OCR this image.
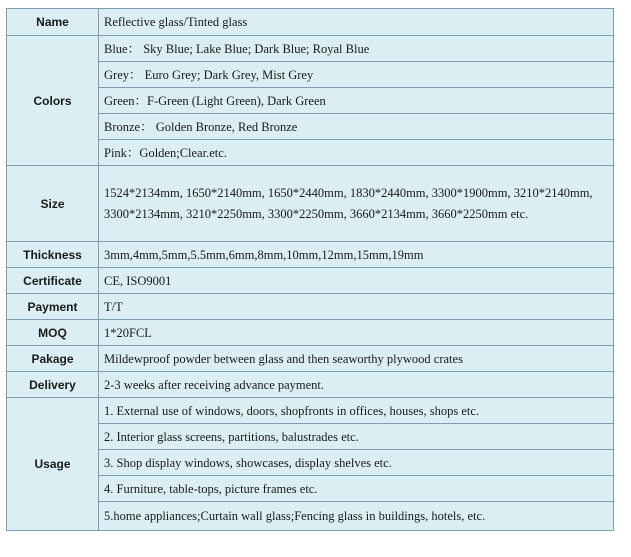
Name	Reflective glass/Tinted glass

Colors	Blue： Sky Blue; Lake Blue; Dark Blue; Royal Blue
	Grey： Euro Grey; Dark Grey, Mist Grey
	Green：F-Green (Light Green), Dark Green
	Bronze： Golden Bronze, Red Bronze
	Pink：Golden;Clear.etc.

Size	1524*2134mm, 1650*2140mm, 1650*2440mm, 1830*2440mm, 3300*1900mm, 3210*2140mm, 3300*2134mm, 3210*2250mm, 3300*2250mm, 3660*2134mm, 3660*2250mm etc.

Thickness	3mm,4mm,5mm,5.5mm,6mm,8mm,10mm,12mm,15mm,19mm

Certificate	CE, ISO9001

Payment	T/T

MOQ	1*20FCL

Pakage	Mildewproof powder between glass and then seaworthy plywood crates

Delivery	2-3 weeks after receiving advance payment.

Usage	1. External use of windows, doors, shopfronts in offices, houses, shops etc.
	2. Interior glass screens, partitions, balustrades etc.
	3. Shop display windows, showcases, display shelves etc.
	4. Furniture, table-tops, picture frames etc.
	5.home appliances;Curtain wall glass;Fencing glass in buildings, hotels, etc.
